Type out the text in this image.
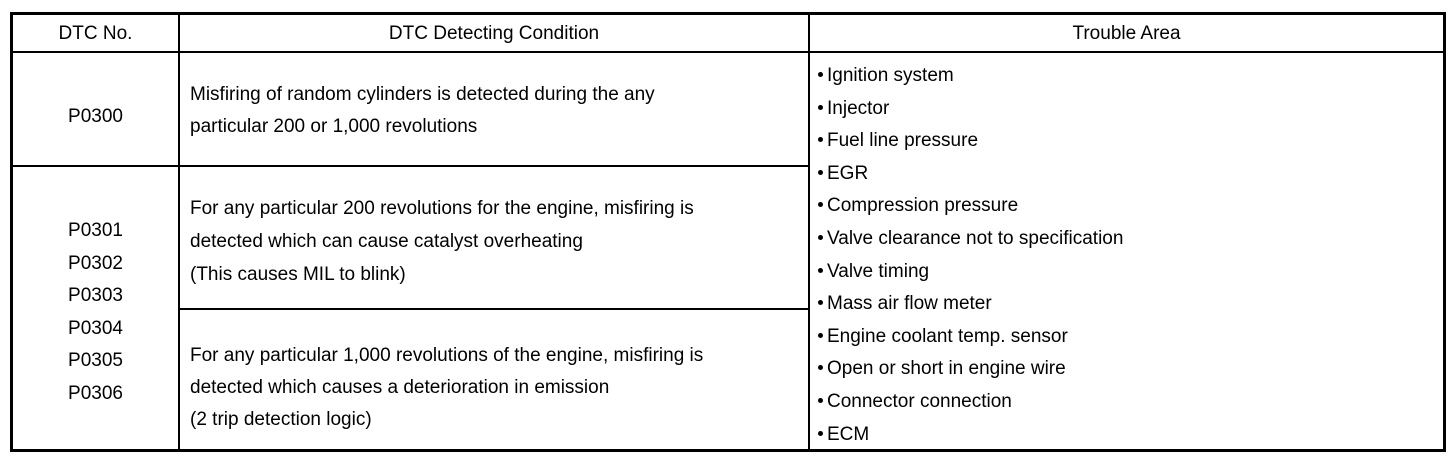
DTC No.	DTC Detecting Condition	Trouble Area
P0300
Misfiring of random cylinders is detected during the any
particular 200 or 1,000 revolutions
P0301
P0302
P0303
P0304
P0305
P0306
For any particular 200 revolutions for the engine, misfiring is
detected which can cause catalyst overheating
(This causes MIL to blink)
For any particular 1,000 revolutions of the engine, misfiring is
detected which causes a deterioration in emission
(2 trip detection logic)
Ignition system
Injector
Fuel line pressure
EGR
Compression pressure
Valve clearance not to specification
Valve timing
Mass air flow meter
Engine coolant temp. sensor
Open or short in engine wire
Connector connection
ECM
